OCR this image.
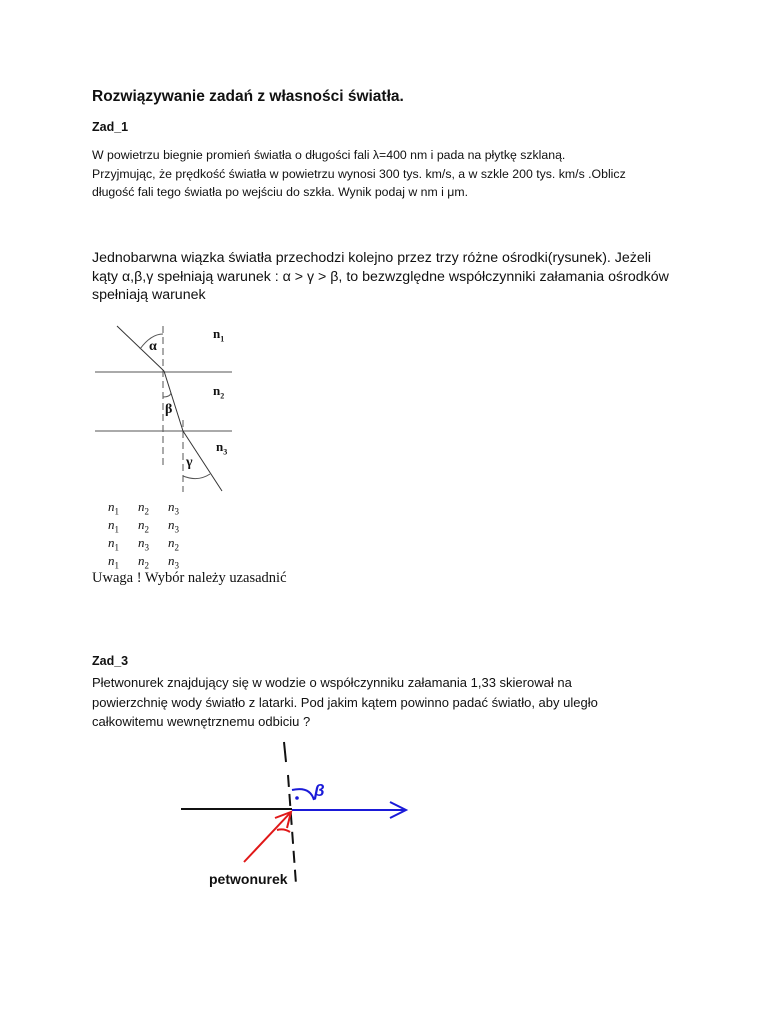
Rozwiązywanie zadań z własności światła.
Zad_1
W powietrzu biegnie promień światła o długości fali λ=400 nm i pada na płytkę szklaną.
Przyjmując, że prędkość światła w powietrzu wynosi 300 tys. km/s, a w szkle 200 tys. km/s .Oblicz
długość fali tego światła po wejściu do szkła. Wynik podaj w nm i μm.
Jednobarwna wiązka światła przechodzi kolejno przez trzy różne ośrodki(rysunek). Jeżeli
kąty α,β,γ spełniają warunek : α > γ > β, to bezwzględne współczynniki załamania ośrodków
spełniają warunek
α
β
γ
$n_1$
$n_2$
$n_3$
$n_1$ $n_2$ $n_3$
$n_1$ $n_2$ $n_3$
$n_1$ $n_3$ $n_2$
$n_1$ $n_2$ $n_3$
Uwaga ! Wybór należy uzasadnić
Zad_3
Płetwonurek znajdujący się w wodzie o współczynniku załamania 1,33 skierował na
powierzchnię wody światło z latarki. Pod jakim kątem powinno padać światło, aby uległo
całkowitemu wewnętrznemu odbiciu ?
β
petwonurek
